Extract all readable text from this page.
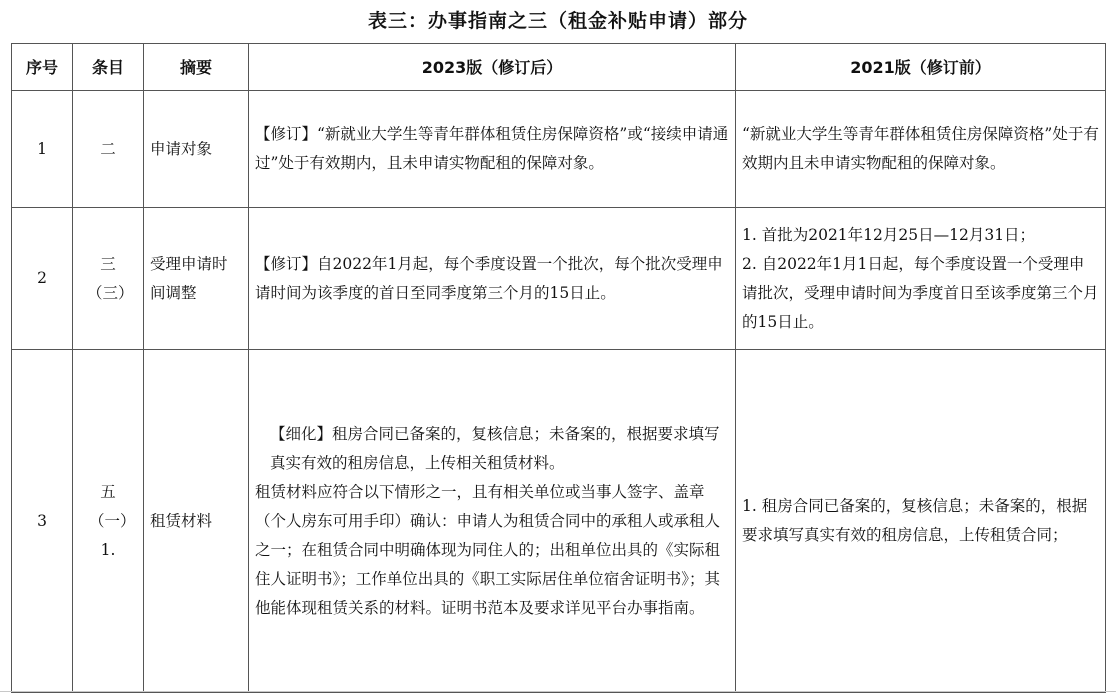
表三：办事指南之三（租金补贴申请）部分
序号	条目	摘要	2023版（修订后）	2021版（修订前）
1	二	申请对象	【修订】“新就业大学生等青年群体租赁住房保障资格”或“接续申请通过”处于有效期内，且未申请实物配租的保障对象。	“新就业大学生等青年群体租赁住房保障资格”处于有效期内且未申请实物配租的保障对象。
2	三（三）	受理申请时间调整	【修订】自2022年1月起，每个季度设置一个批次，每个批次受理申请时间为该季度的首日至同季度第三个月的15日止。	1. 首批为2021年12月25日—12月31日；
2. 自2022年1月1日起，每个季度设置一个受理申请批次，受理申请时间为季度首日至该季度第三个月的15日止。

3	五（一）1.	租赁材料	【细化】租房合同已备案的，复核信息；未备案的，根据要求填写真实有效的租房信息，上传相关租赁材料。
租赁材料应符合以下情形之一，且有相关单位或当事人签字、盖章（个人房东可用手印）确认：申请人为租赁合同中的承租人或承租人之一；在租赁合同中明确体现为同住人的；出租单位出具的《实际租住人证明书》；工作单位出具的《职工实际居住单位宿舍证明书》；其他能体现租赁关系的材料。证明书范本及要求详见平台办事指南。	1. 租房合同已备案的，复核信息；未备案的，根据要求填写真实有效的租房信息，上传租赁合同；
